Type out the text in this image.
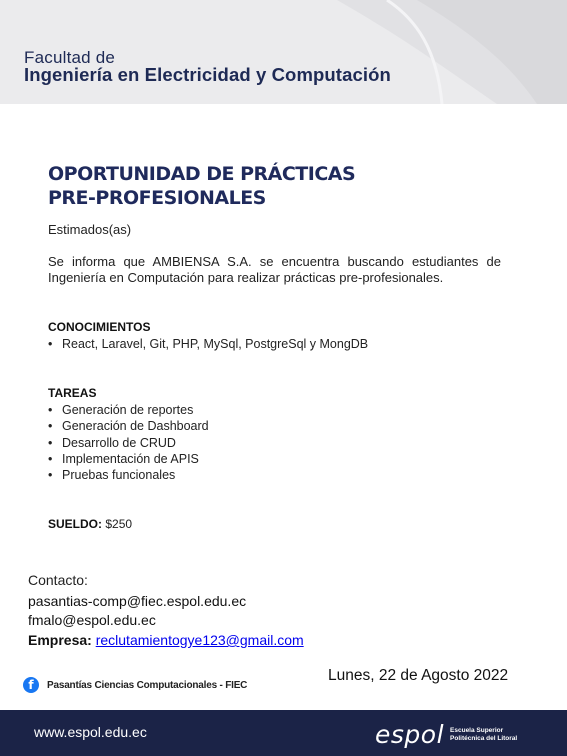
Facultad de
Ingeniería en Electricidad y Computación
OPORTUNIDAD DE PRÁCTICAS PRE-PROFESIONALES
Estimados(as)
Se informa que AMBIENSA S.A. se encuentra buscando estudiantes de Ingeniería en Computación para realizar prácticas pre-profesionales.
CONOCIMIENTOS
• React, Laravel, Git, PHP, MySql, PostgreSql y MongDB
TAREAS
• Generación de reportes
• Generación de Dashboard
• Desarrollo de CRUD
• Implementación de APIS
• Pruebas funcionales
SUELDO: $250
Contacto:
pasantias-comp@fiec.espol.edu.ec
fmalo@espol.edu.ec
Empresa: reclutamientogye123@gmail.com
Lunes, 22 de Agosto 2022
f	Pasantías Ciencias Computacionales - FIEC
www.espol.edu.ec	espol Escuela Superior
Politécnica del Litoral
